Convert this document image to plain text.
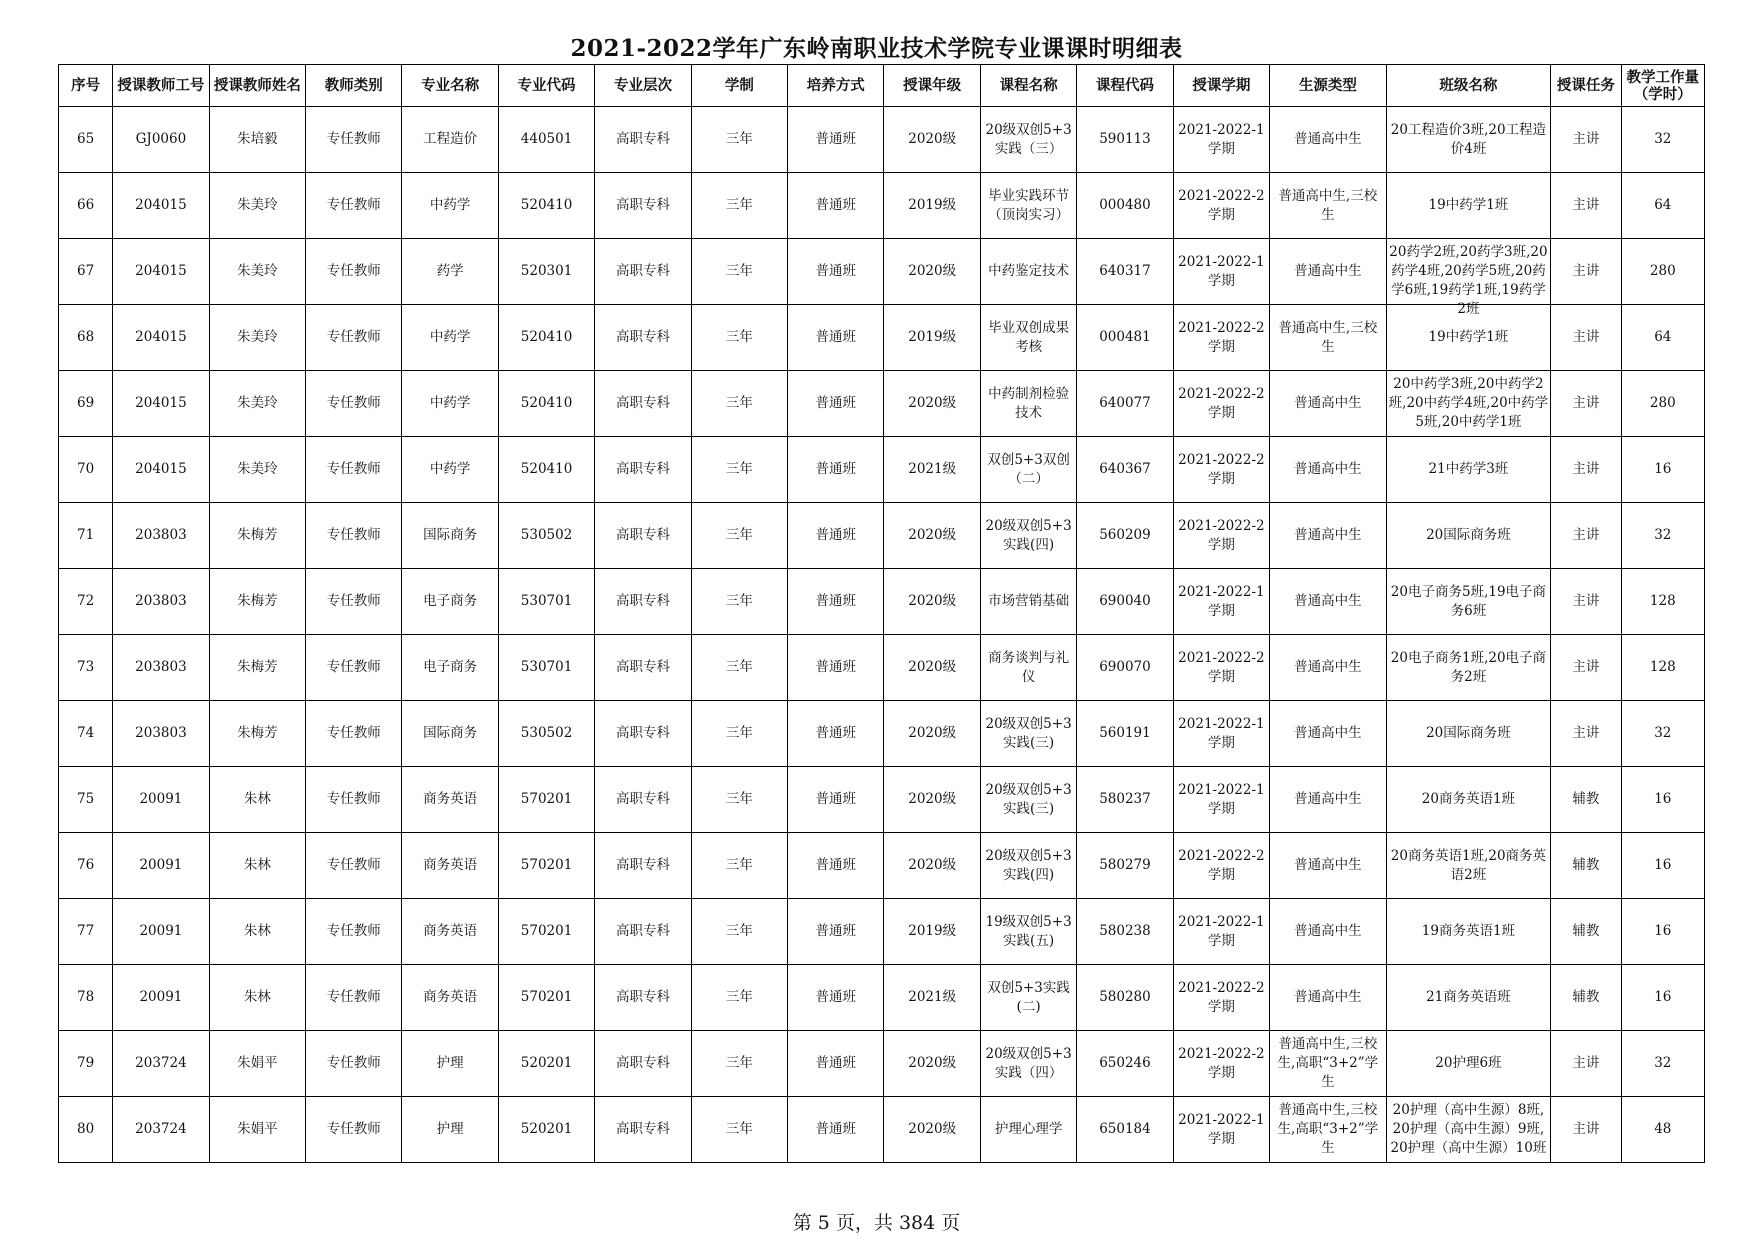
2021-2022学年广东岭南职业技术学院专业课课时明细表
序号	授课教师工号	授课教师姓名	教师类别	专业名称	专业代码	专业层次	学制	培养方式	授课年级	课程名称	课程代码	授课学期	生源类型	班级名称	授课任务	教学工作量（学时）

65	GJ0060	朱培毅	专任教师	工程造价	440501	高职专科	三年	普通班	2020级	20级双创5+3实践（三）	590113	2021-2022-1学期	普通高中生	20工程造价3班,20工程造价4班	主讲	32

66	204015	朱美玲	专任教师	中药学	520410	高职专科	三年	普通班	2019级	毕业实践环节（顶岗实习）	000480	2021-2022-2学期	普通高中生,三校生	19中药学1班	主讲	64

67	204015	朱美玲	专任教师	药学	520301	高职专科	三年	普通班	2020级	中药鉴定技术	640317	2021-2022-1学期	普通高中生	20药学2班,20药学3班,20药学4班,20药学5班,20药学6班,19药学1班,19药学2班	主讲	280

68	204015	朱美玲	专任教师	中药学	520410	高职专科	三年	普通班	2019级	毕业双创成果考核	000481	2021-2022-2学期	普通高中生,三校生	19中药学1班	主讲	64

69	204015	朱美玲	专任教师	中药学	520410	高职专科	三年	普通班	2020级	中药制剂检验技术	640077	2021-2022-2学期	普通高中生	20中药学3班,20中药学2班,20中药学4班,20中药学5班,20中药学1班	主讲	280

70	204015	朱美玲	专任教师	中药学	520410	高职专科	三年	普通班	2021级	双创5+3双创（二）	640367	2021-2022-2学期	普通高中生	21中药学3班	主讲	16

71	203803	朱梅芳	专任教师	国际商务	530502	高职专科	三年	普通班	2020级	20级双创5+3实践(四)	560209	2021-2022-2学期	普通高中生	20国际商务班	主讲	32

72	203803	朱梅芳	专任教师	电子商务	530701	高职专科	三年	普通班	2020级	市场营销基础	690040	2021-2022-1学期	普通高中生	20电子商务5班,19电子商务6班	主讲	128

73	203803	朱梅芳	专任教师	电子商务	530701	高职专科	三年	普通班	2020级	商务谈判与礼仪	690070	2021-2022-2学期	普通高中生	20电子商务1班,20电子商务2班	主讲	128

74	203803	朱梅芳	专任教师	国际商务	530502	高职专科	三年	普通班	2020级	20级双创5+3实践(三)	560191	2021-2022-1学期	普通高中生	20国际商务班	主讲	32

75	20091	朱林	专任教师	商务英语	570201	高职专科	三年	普通班	2020级	20级双创5+3实践(三)	580237	2021-2022-1学期	普通高中生	20商务英语1班	辅教	16

76	20091	朱林	专任教师	商务英语	570201	高职专科	三年	普通班	2020级	20级双创5+3实践(四)	580279	2021-2022-2学期	普通高中生	20商务英语1班,20商务英语2班	辅教	16

77	20091	朱林	专任教师	商务英语	570201	高职专科	三年	普通班	2019级	19级双创5+3实践(五)	580238	2021-2022-1学期	普通高中生	19商务英语1班	辅教	16

78	20091	朱林	专任教师	商务英语	570201	高职专科	三年	普通班	2021级	双创5+3实践(二)	580280	2021-2022-2学期	普通高中生	21商务英语班	辅教	16

79	203724	朱娟平	专任教师	护理	520201	高职专科	三年	普通班	2020级	20级双创5+3实践（四）	650246	2021-2022-2学期	普通高中生,三校生,高职“3+2”学生	20护理6班	主讲	32

80	203724	朱娟平	专任教师	护理	520201	高职专科	三年	普通班	2020级	护理心理学	650184	2021-2022-1学期	普通高中生,三校生,高职“3+2”学生	20护理（高中生源）8班,20护理（高中生源）9班,20护理（高中生源）10班	主讲	48
第 5 页，共 384 页
